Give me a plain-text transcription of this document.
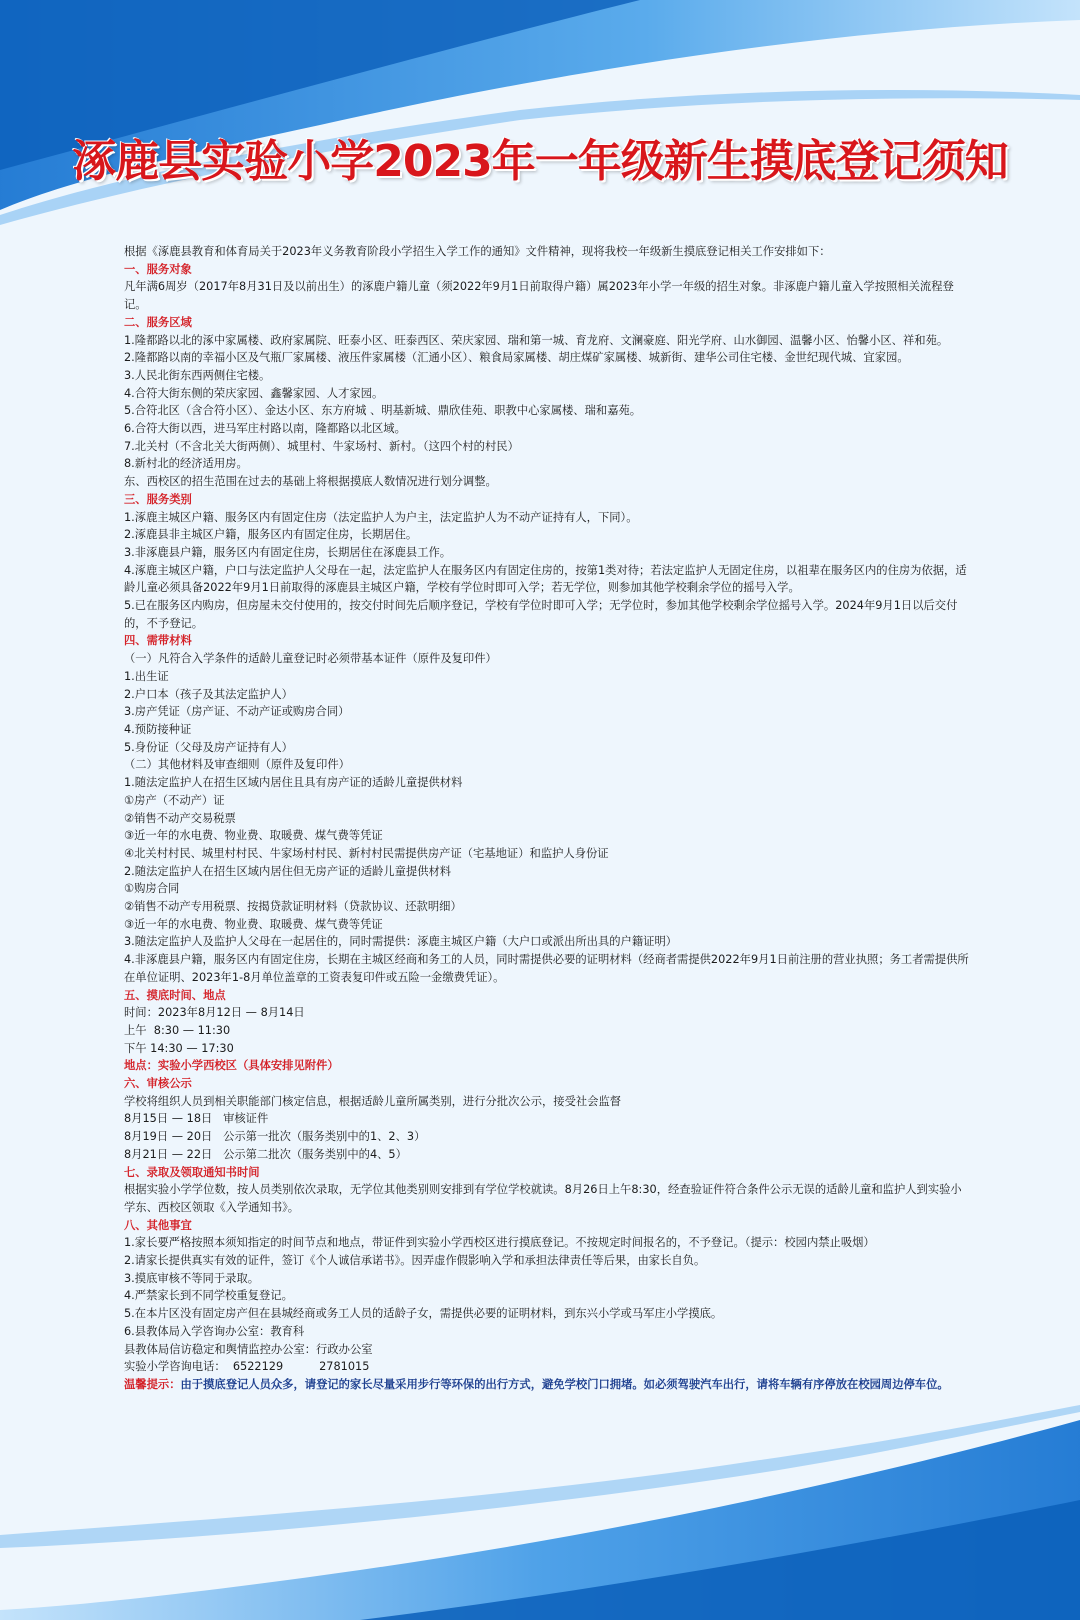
涿鹿县实验小学2023年一年级新生摸底登记须知

根据《涿鹿县教育和体育局关于2023年义务教育阶段小学招生入学工作的通知》文件精神，现将我校一年级新生摸底登记相关工作安排如下：

一、服务对象

凡年满6周岁（2017年8月31日及以前出生）的涿鹿户籍儿童（须2022年9月1日前取得户籍）属2023年小学一年级的招生对象。非涿鹿户籍儿童入学按照相关流程登记。

二、服务区域

1.隆都路以北的涿中家属楼、政府家属院、旺泰小区、旺泰西区、荣庆家园、瑞和第一城、育龙府、文澜豪庭、阳光学府、山水御园、温馨小区、怡馨小区、祥和苑。

2.隆都路以南的幸福小区及气瓶厂家属楼、液压件家属楼（汇通小区）、粮食局家属楼、胡庄煤矿家属楼、城新街、建华公司住宅楼、金世纪现代城、宜家园。

3.人民北街东西两侧住宅楼。

4.合符大街东侧的荣庆家园、鑫馨家园、人才家园。

5.合符北区（含合符小区）、金达小区、东方府城 、明基新城、鼎欣佳苑、职教中心家属楼、瑞和嘉苑。

6.合符大街以西，进马军庄村路以南，隆都路以北区域。

7.北关村（不含北关大街两侧）、城里村、牛家场村、新村。（这四个村的村民）

8.新村北的经济适用房。

东、西校区的招生范围在过去的基础上将根据摸底人数情况进行划分调整。

三、服务类别

1.涿鹿主城区户籍、服务区内有固定住房（法定监护人为户主，法定监护人为不动产证持有人，下同）。

2.涿鹿县非主城区户籍，服务区内有固定住房，长期居住。

3.非涿鹿县户籍，服务区内有固定住房，长期居住在涿鹿县工作。

4.涿鹿主城区户籍，户口与法定监护人父母在一起，法定监护人在服务区内有固定住房的，按第1类对待；若法定监护人无固定住房，以祖辈在服务区内的住房为依据，适龄儿童必须具备2022年9月1日前取得的涿鹿县主城区户籍，学校有学位时即可入学；若无学位，则参加其他学校剩余学位的摇号入学。

5.已在服务区内购房，但房屋未交付使用的，按交付时间先后顺序登记，学校有学位时即可入学；无学位时，参加其他学校剩余学位摇号入学。2024年9月1日以后交付的，不予登记。

四、需带材料

（一）凡符合入学条件的适龄儿童登记时必须带基本证件（原件及复印件）

1.出生证

2.户口本（孩子及其法定监护人）

3.房产凭证（房产证、不动产证或购房合同）

4.预防接种证

5.身份证（父母及房产证持有人）

（二）其他材料及审查细则（原件及复印件）

1.随法定监护人在招生区域内居住且具有房产证的适龄儿童提供材料

①房产（不动产）证

②销售不动产交易税票

③近一年的水电费、物业费、取暖费、煤气费等凭证

④北关村村民、城里村村民、牛家场村村民、新村村民需提供房产证（宅基地证）和监护人身份证

2.随法定监护人在招生区域内居住但无房产证的适龄儿童提供材料

①购房合同

②销售不动产专用税票、按揭贷款证明材料（贷款协议、还款明细）

③近一年的水电费、物业费、取暖费、煤气费等凭证

3.随法定监护人及监护人父母在一起居住的，同时需提供：涿鹿主城区户籍（大户口或派出所出具的户籍证明）

4.非涿鹿县户籍，服务区内有固定住房，长期在主城区经商和务工的人员，同时需提供必要的证明材料（经商者需提供2022年9月1日前注册的营业执照；务工者需提供所在单位证明、2023年1-8月单位盖章的工资表复印件或五险一金缴费凭证）。

五、摸底时间、地点

时间：2023年8月12日 — 8月14日

上午  8:30 — 11:30

下午 14:30 — 17:30

地点：实验小学西校区（具体安排见附件）

六、审核公示

学校将组织人员到相关职能部门核定信息，根据适龄儿童所属类别，进行分批次公示，接受社会监督

8月15日 — 18日   审核证件

8月19日 — 20日   公示第一批次（服务类别中的1、2、3）

8月21日 — 22日   公示第二批次（服务类别中的4、5）

七、录取及领取通知书时间

根据实验小学学位数，按人员类别依次录取，无学位其他类别则安排到有学位学校就读。8月26日上午8:30，经查验证件符合条件公示无误的适龄儿童和监护人到实验小学东、西校区领取《入学通知书》。

八、其他事宜

1.家长要严格按照本须知指定的时间节点和地点，带证件到实验小学西校区进行摸底登记。不按规定时间报名的，不予登记。（提示：校园内禁止吸烟）

2.请家长提供真实有效的证件，签订《个人诚信承诺书》。因弄虚作假影响入学和承担法律责任等后果，由家长自负。

3.摸底审核不等同于录取。

4.严禁家长到不同学校重复登记。

5.在本片区没有固定房产但在县城经商或务工人员的适龄子女，需提供必要的证明材料，到东兴小学或马军庄小学摸底。

6.县教体局入学咨询办公室：教育科

县教体局信访稳定和舆情监控办公室：行政办公室

实验小学咨询电话：  6522129          2781015

温馨提示：由于摸底登记人员众多，请登记的家长尽量采用步行等环保的出行方式，避免学校门口拥堵。如必须驾驶汽车出行，请将车辆有序停放在校园周边停车位。
